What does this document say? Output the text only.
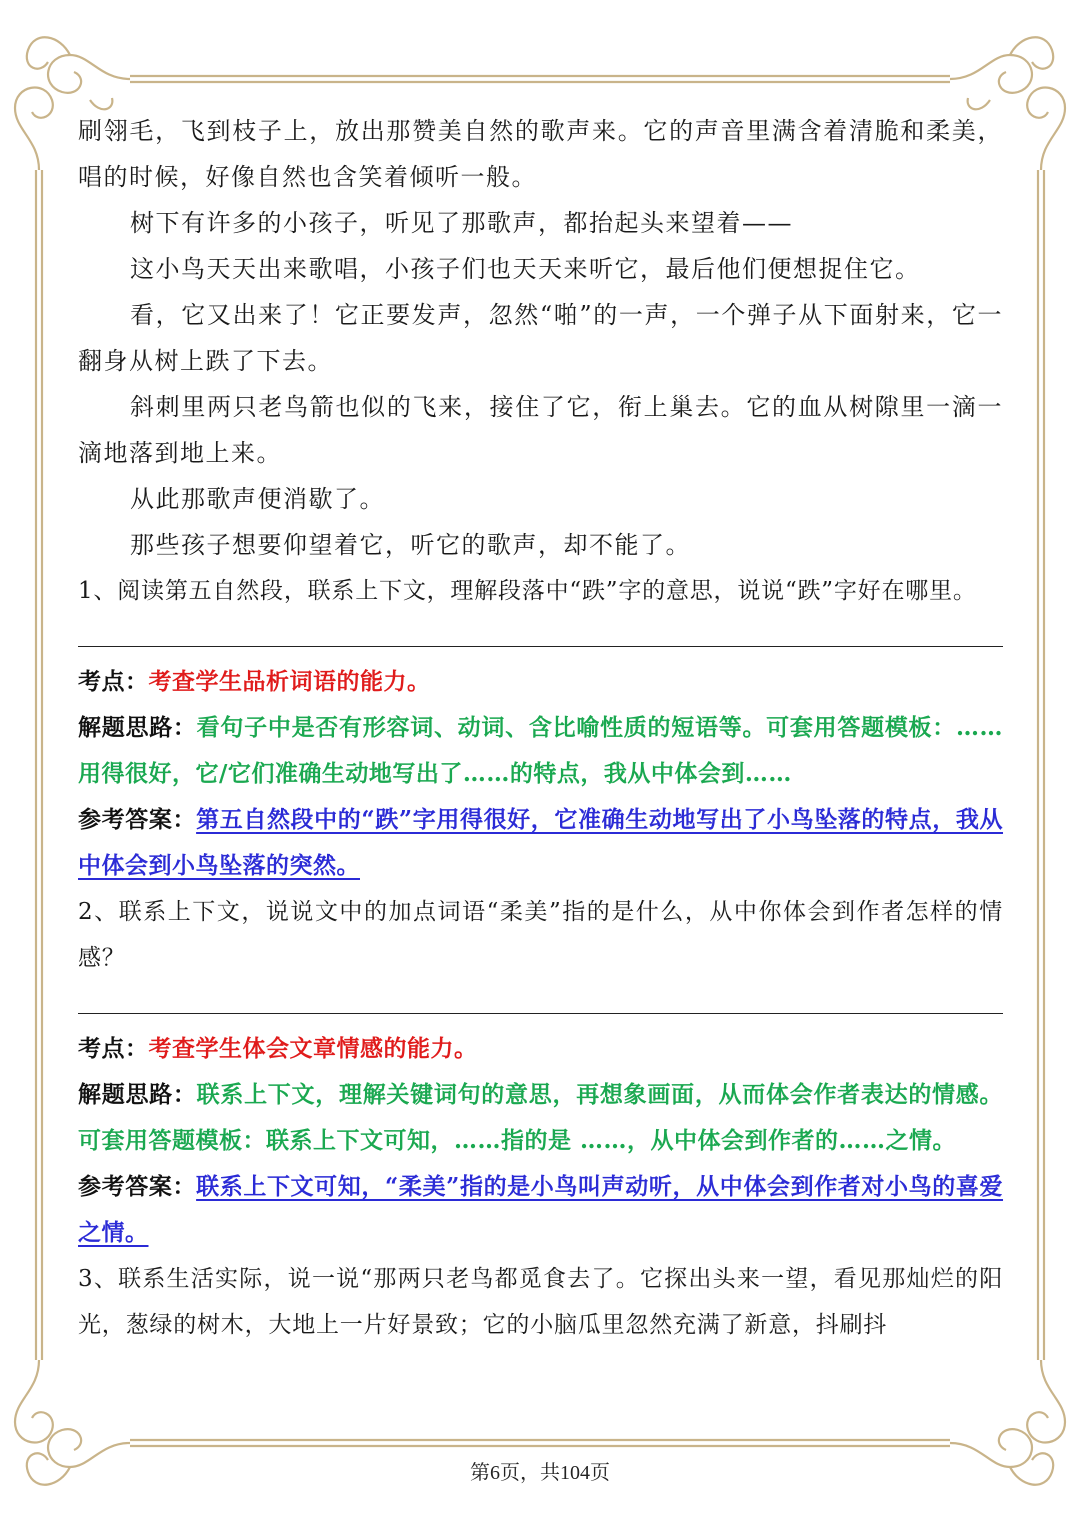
刷翎毛，飞到枝子上，放出那赞美自然的歌声来。它的声音里满含着清脆和柔美，唱的时候，好像自然也含笑着倾听一般。

树下有许多的小孩子，听见了那歌声，都抬起头来望着——

这小鸟天天出来歌唱，小孩子们也天天来听它，最后他们便想捉住它。

看，它又出来了！它正要发声，忽然“啪”的一声，一个弹子从下面射来，它一翻身从树上跌了下去。

斜刺里两只老鸟箭也似的飞来，接住了它，衔上巢去。它的血从树隙里一滴一滴地落到地上来。

从此那歌声便消歇了。

那些孩子想要仰望着它，听它的歌声，却不能了。

1、阅读第五自然段，联系上下文，理解段落中“跌”字的意思，说说“跌”字好在哪里。

考点：考查学生品析词语的能力。

解题思路：看句子中是否有形容词、动词、含比喻性质的短语等。可套用答题模板：……用得很好，它/它们准确生动地写出了……的特点，我从中体会到……

参考答案：第五自然段中的“跌”字用得很好，它准确生动地写出了小鸟坠落的特点，我从中体会到小鸟坠落的突然。

2、联系上下文，说说文中的加点词语“柔美”指的是什么，从中你体会到作者怎样的情感？

考点：考查学生体会文章情感的能力。

解题思路：联系上下文，理解关键词句的意思，再想象画面，从而体会作者表达的情感。可套用答题模板：联系上下文可知，……指的是 ……，从中体会到作者的……之情。

参考答案：联系上下文可知，“柔美”指的是小鸟叫声动听，从中体会到作者对小鸟的喜爱之情。

3、联系生活实际，说一说“那两只老鸟都觅食去了。它探出头来一望，看见那灿烂的阳光，葱绿的树木，大地上一片好景致；它的小脑瓜里忽然充满了新意，抖刷抖

第6页，共104页
